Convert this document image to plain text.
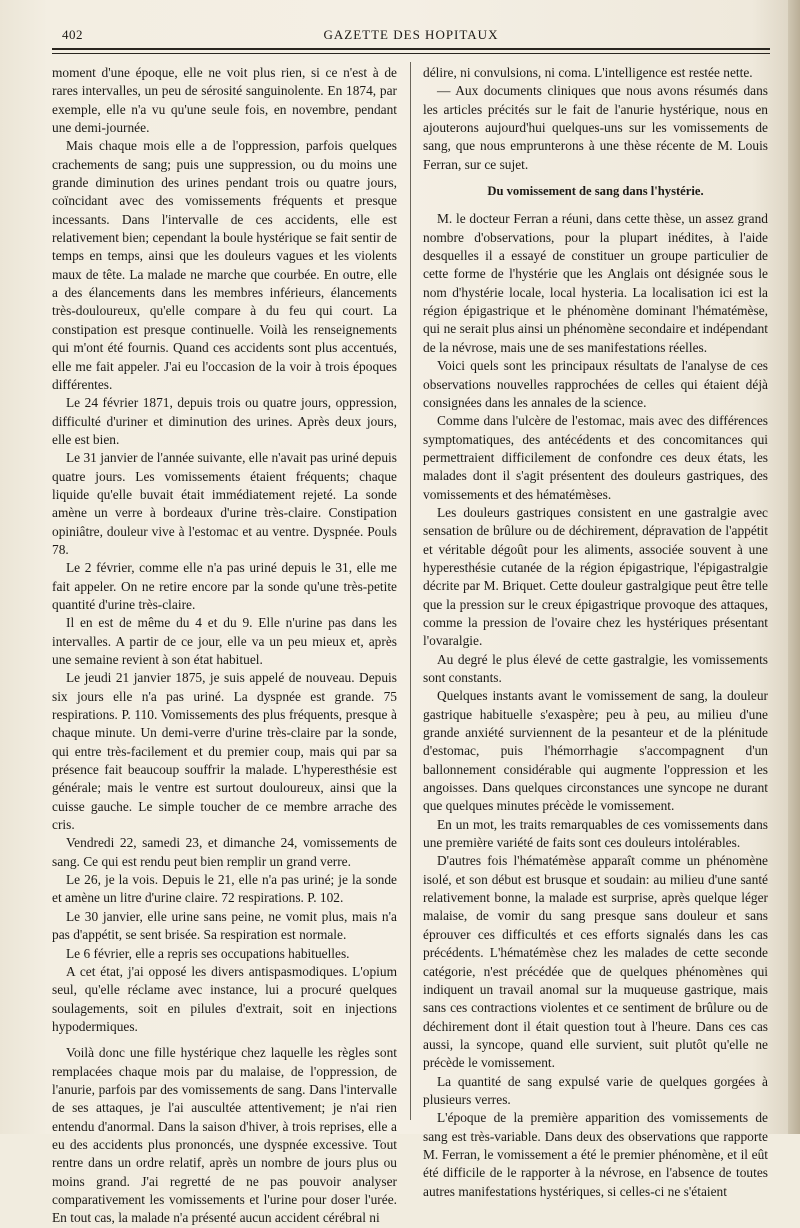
402	GAZETTE DES HOPITAUX

moment d'une époque, elle ne voit plus rien, si ce n'est à de rares intervalles, un peu de sérosité sanguinolente. En 1874, par exemple, elle n'a vu qu'une seule fois, en novembre, pendant une demi-journée.

Mais chaque mois elle a de l'oppression, parfois quelques crachements de sang; puis une suppression, ou du moins une grande diminution des urines pendant trois ou quatre jours, coïncidant avec des vomissements fréquents et presque incessants. Dans l'intervalle de ces accidents, elle est relativement bien; cependant la boule hystérique se fait sentir de temps en temps, ainsi que les douleurs vagues et les violents maux de tête. La malade ne marche que courbée. En outre, elle a des élancements dans les membres inférieurs, élancements très-douloureux, qu'elle compare à du feu qui court. La constipation est presque continuelle. Voilà les renseignements qui m'ont été fournis. Quand ces accidents sont plus accentués, elle me fait appeler. J'ai eu l'occasion de la voir à trois époques différentes.

Le 24 février 1871, depuis trois ou quatre jours, oppression, difficulté d'uriner et diminution des urines. Après deux jours, elle est bien.

Le 31 janvier de l'année suivante, elle n'avait pas uriné depuis quatre jours. Les vomissements étaient fréquents; chaque liquide qu'elle buvait était immédiatement rejeté. La sonde amène un verre à bordeaux d'urine très-claire. Constipation opiniâtre, douleur vive à l'estomac et au ventre. Dyspnée. Pouls 78.

Le 2 février, comme elle n'a pas uriné depuis le 31, elle me fait appeler. On ne retire encore par la sonde qu'une très-petite quantité d'urine très-claire.

Il en est de même du 4 et du 9. Elle n'urine pas dans les intervalles. A partir de ce jour, elle va un peu mieux et, après une semaine revient à son état habituel.

Le jeudi 21 janvier 1875, je suis appelé de nouveau. Depuis six jours elle n'a pas uriné. La dyspnée est grande. 75 respirations. P. 110. Vomissements des plus fréquents, presque à chaque minute. Un demi-verre d'urine très-claire par la sonde, qui entre très-facilement et du premier coup, mais qui par sa présence fait beaucoup souffrir la malade. L'hyperesthésie est générale; mais le ventre est surtout douloureux, ainsi que la cuisse gauche. Le simple toucher de ce membre arrache des cris.

Vendredi 22, samedi 23, et dimanche 24, vomissements de sang. Ce qui est rendu peut bien remplir un grand verre.

Le 26, je la vois. Depuis le 21, elle n'a pas uriné; je la sonde et amène un litre d'urine claire. 72 respirations. P. 102.

Le 30 janvier, elle urine sans peine, ne vomit plus, mais n'a pas d'appétit, se sent brisée. Sa respiration est normale.

Le 6 février, elle a repris ses occupations habituelles.

A cet état, j'ai opposé les divers antispasmodiques. L'opium seul, qu'elle réclame avec instance, lui a procuré quelques soulagements, soit en pilules d'extrait, soit en injections hypodermiques.

Voilà donc une fille hystérique chez laquelle les règles sont remplacées chaque mois par du malaise, de l'oppression, de l'anurie, parfois par des vomissements de sang. Dans l'intervalle de ses attaques, je l'ai auscultée attentivement; je n'ai rien entendu d'anormal. Dans la saison d'hiver, à trois reprises, elle a eu des accidents plus prononcés, une dyspnée excessive. Tout rentre dans un ordre relatif, après un nombre de jours plus ou moins grand. J'ai regretté de ne pas pouvoir analyser comparativement les vomissements et l'urine pour doser l'urée. En tout cas, la malade n'a présenté aucun accident cérébral ni

délire, ni convulsions, ni coma. L'intelligence est restée nette.

— Aux documents cliniques que nous avons résumés dans les articles précités sur le fait de l'anurie hystérique, nous en ajouterons aujourd'hui quelques-uns sur les vomissements de sang, que nous emprunterons à une thèse récente de M. Louis Ferran, sur ce sujet.

Du vomissement de sang dans l'hystérie.

M. le docteur Ferran a réuni, dans cette thèse, un assez grand nombre d'observations, pour la plupart inédites, à l'aide desquelles il a essayé de constituer un groupe particulier de cette forme de l'hystérie que les Anglais ont désignée sous le nom d'hystérie locale, local hysteria. La localisation ici est la région épigastrique et le phénomène dominant l'hématémèse, qui ne serait plus ainsi un phénomène secondaire et indépendant de la névrose, mais une de ses manifestations réelles.

Voici quels sont les principaux résultats de l'analyse de ces observations nouvelles rapprochées de celles qui étaient déjà consignées dans les annales de la science.

Comme dans l'ulcère de l'estomac, mais avec des différences symptomatiques, des antécédents et des concomitances qui permettraient difficilement de confondre ces deux états, les malades dont il s'agit présentent des douleurs gastriques, des vomissements et des hématémèses.

Les douleurs gastriques consistent en une gastralgie avec sensation de brûlure ou de déchirement, dépravation de l'appétit et véritable dégoût pour les aliments, associée souvent à une hyperesthésie cutanée de la région épigastrique, l'épigastralgie décrite par M. Briquet. Cette douleur gastralgique peut être telle que la pression sur le creux épigastrique provoque des attaques, comme la pression de l'ovaire chez les hystériques présentant l'ovaralgie.

Au degré le plus élevé de cette gastralgie, les vomissements sont constants.

Quelques instants avant le vomissement de sang, la douleur gastrique habituelle s'exaspère; peu à peu, au milieu d'une grande anxiété surviennent de la pesanteur et de la plénitude d'estomac, puis l'hémorrhagie s'accompagnent d'un ballonnement considérable qui augmente l'oppression et les angoisses. Dans quelques circonstances une syncope ne durant que quelques minutes précède le vomissement.

En un mot, les traits remarquables de ces vomissements dans une première variété de faits sont ces douleurs intolérables.

D'autres fois l'hématémèse apparaît comme un phénomène isolé, et son début est brusque et soudain: au milieu d'une santé relativement bonne, la malade est surprise, après quelque léger malaise, de vomir du sang presque sans douleur et sans éprouver ces difficultés et ces efforts signalés dans les cas précédents. L'hématémèse chez les malades de cette seconde catégorie, n'est précédée que de quelques phénomènes qui indiquent un travail anomal sur la muqueuse gastrique, mais sans ces contractions violentes et ce sentiment de brûlure ou de déchirement dont il était question tout à l'heure. Dans ces cas aussi, la syncope, quand elle survient, suit plutôt qu'elle ne précède le vomissement.

La quantité de sang expulsé varie de quelques gorgées à plusieurs verres.

L'époque de la première apparition des vomissements de sang est très-variable. Dans deux des observations que rapporte M. Ferran, le vomissement a été le premier phénomène, et il eût été difficile de le rapporter à la névrose, en l'absence de toutes autres manifestations hystériques, si celles-ci ne s'étaient
